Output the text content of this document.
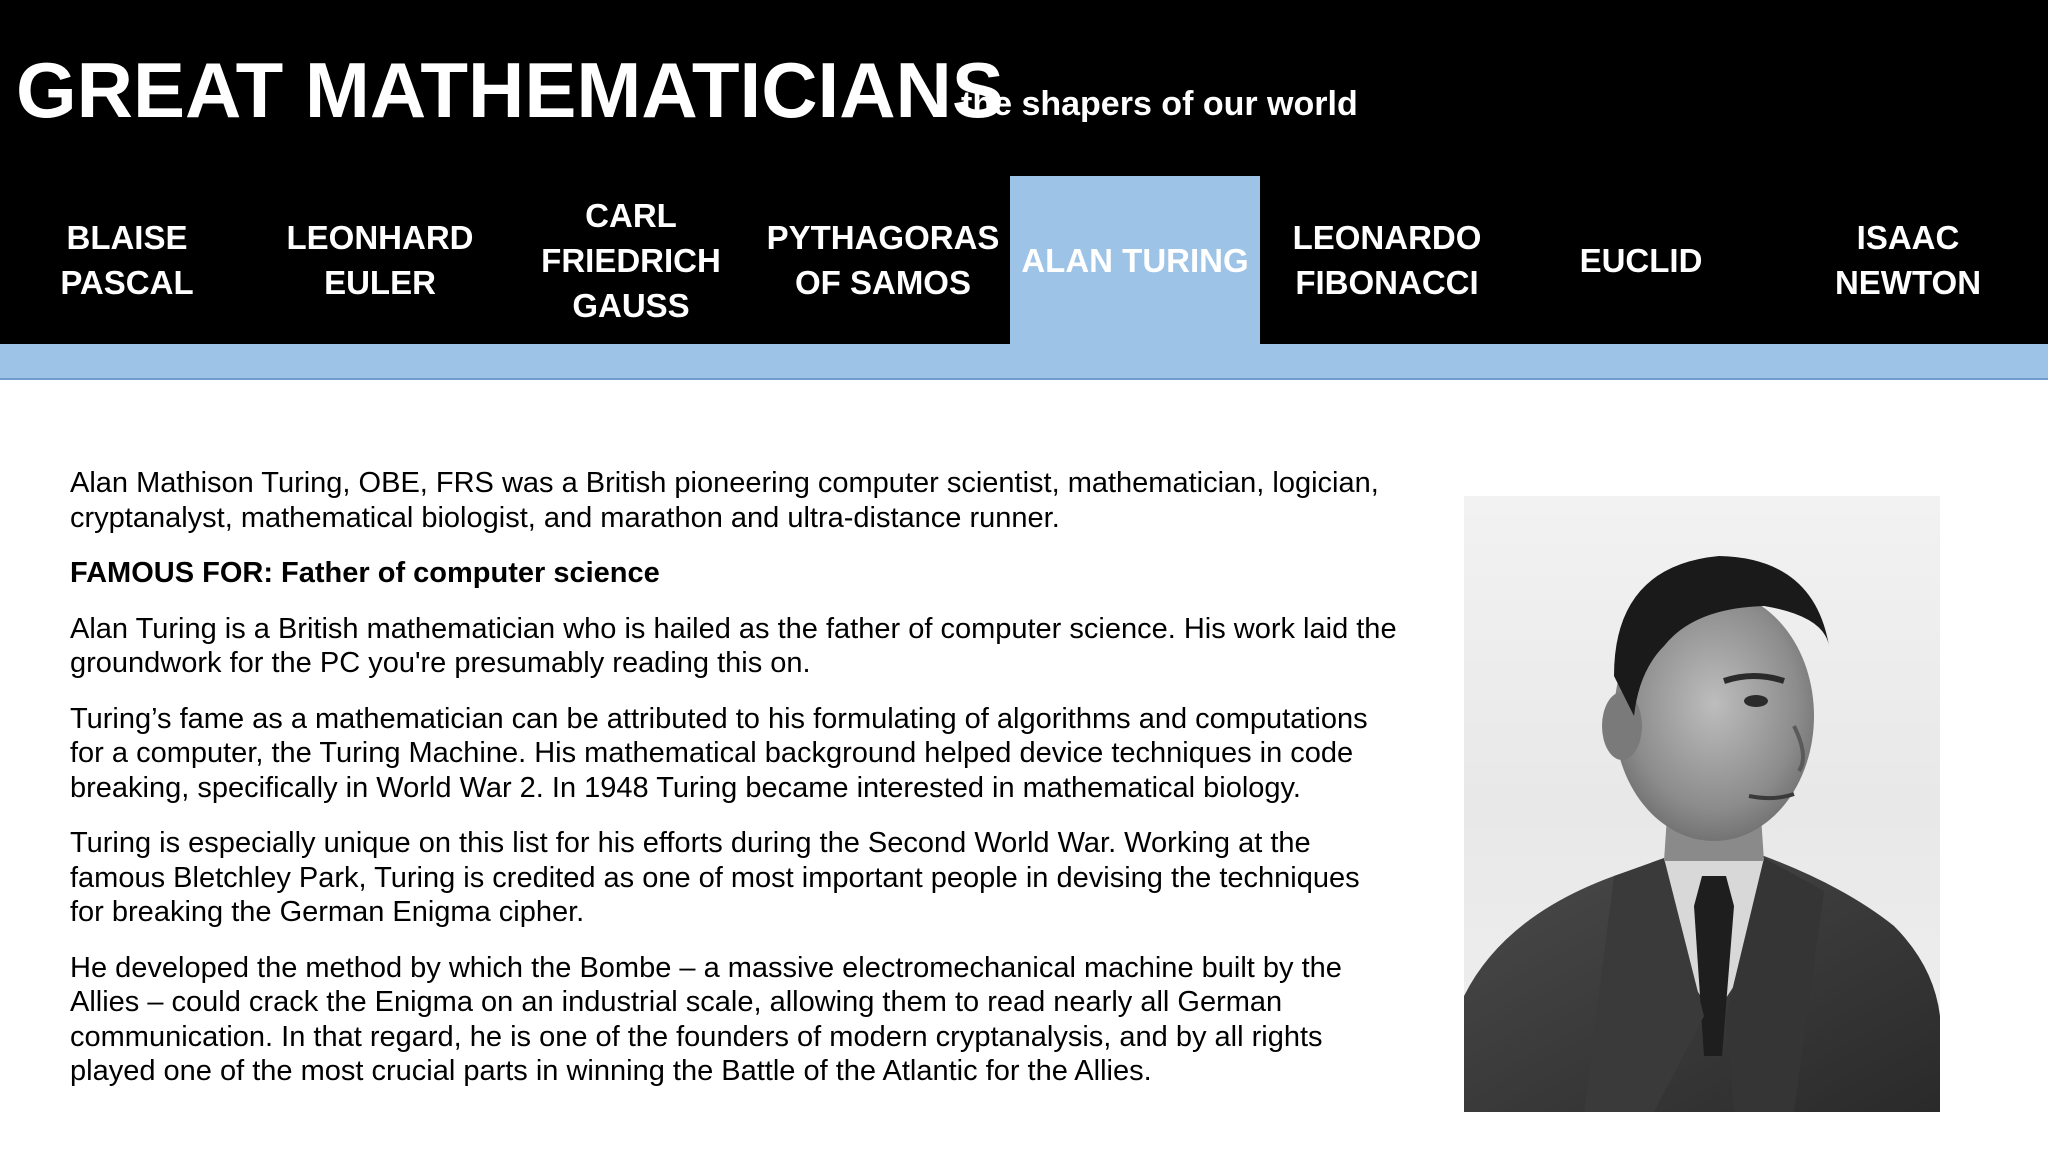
GREAT MATHEMATICIANS
the shapers of our world
BLAISE
PASCAL
LEONHARD
EULER
CARL
FRIEDRICH
GAUSS
PYTHAGORAS
OF SAMOS
ALAN TURING
LEONARDO
FIBONACCI
EUCLID
ISAAC
NEWTON

Alan Mathison Turing, OBE, FRS was a British pioneering computer scientist, mathematician, logician, cryptanalyst, mathematical biologist, and marathon and ultra-distance runner.

FAMOUS FOR: Father of computer science

Alan Turing is a British mathematician who is hailed as the father of computer science. His work laid the groundwork for the PC you're presumably reading this on.

Turing’s fame as a mathematician can be attributed to his formulating of algorithms and computations for a computer, the Turing Machine. His mathematical background helped device techniques in code breaking, specifically in World War 2. In 1948 Turing became interested in mathematical biology.

Turing is especially unique on this list for his efforts during the Second World War. Working at the famous Bletchley Park, Turing is credited as one of most important people in devising the techniques for breaking the German Enigma cipher.

He developed the method by which the Bombe – a massive electromechanical machine built by the Allies – could crack the Enigma on an industrial scale, allowing them to read nearly all German communication. In that regard, he is one of the founders of modern cryptanalysis, and by all rights played one of the most crucial parts in winning the Battle of the Atlantic for the Allies.
